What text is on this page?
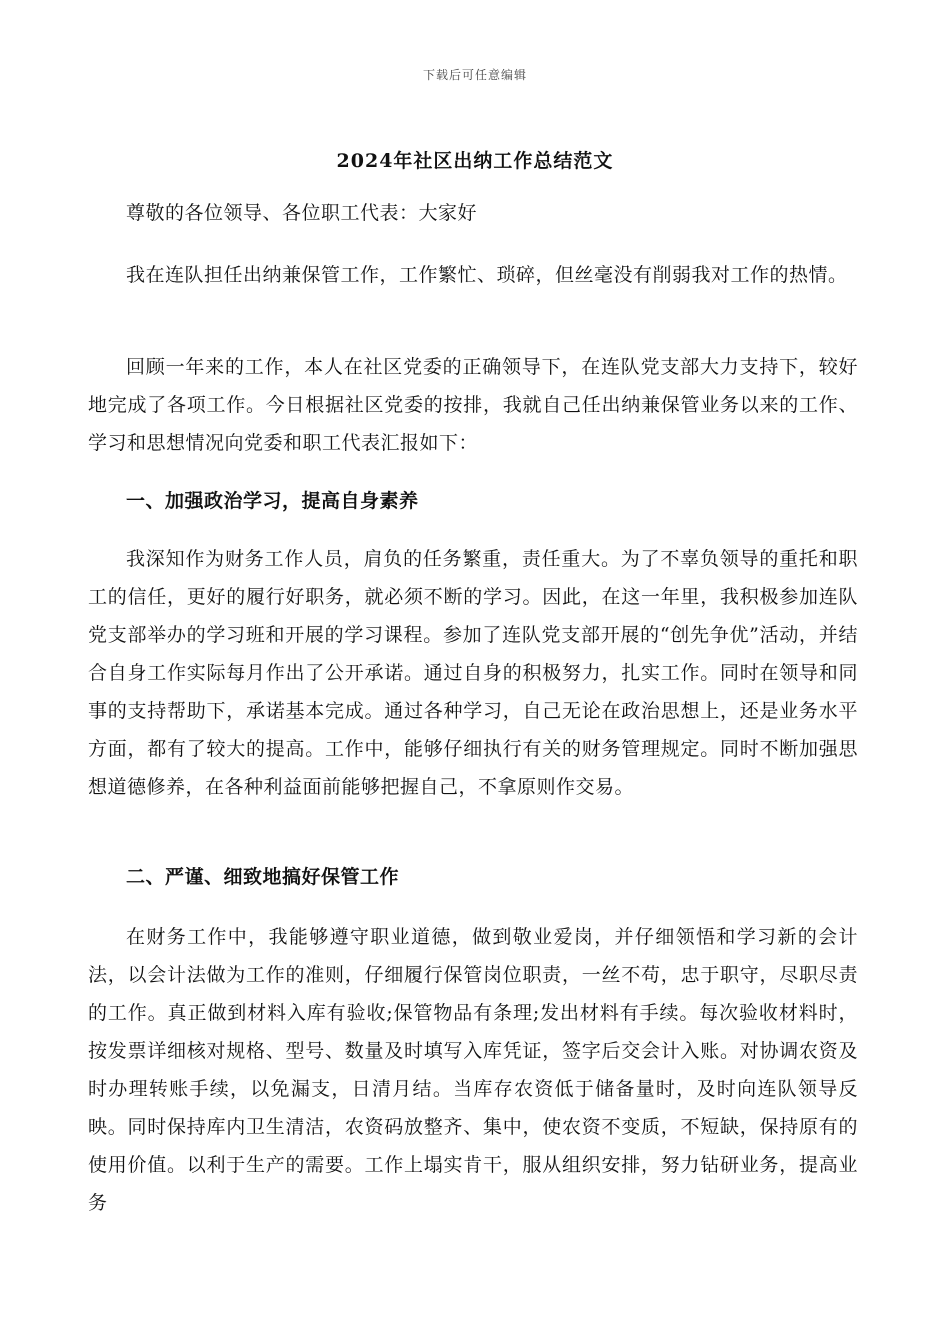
下载后可任意编辑
2024年社区出纳工作总结范文
尊敬的各位领导、各位职工代表：大家好
我在连队担任出纳兼保管工作，工作繁忙、琐碎，但丝毫没有削弱我对工作的热情。
回顾一年来的工作，本人在社区党委的正确领导下，在连队党支部大力支持下，较好地完成了各项工作。今日根据社区党委的按排，我就自己任出纳兼保管业务以来的工作、学习和思想情况向党委和职工代表汇报如下：
一、加强政治学习，提高自身素养
我深知作为财务工作人员，肩负的任务繁重，责任重大。为了不辜负领导的重托和职工的信任，更好的履行好职务，就必须不断的学习。因此，在这一年里，我积极参加连队党支部举办的学习班和开展的学习课程。参加了连队党支部开展的“创先争优”活动，并结合自身工作实际每月作出了公开承诺。通过自身的积极努力，扎实工作。同时在领导和同事的支持帮助下，承诺基本完成。通过各种学习，自己无论在政治思想上，还是业务水平方面，都有了较大的提高。工作中，能够仔细执行有关的财务管理规定。同时不断加强思想道德修养，在各种利益面前能够把握自己，不拿原则作交易。
二、严谨、细致地搞好保管工作
在财务工作中，我能够遵守职业道德，做到敬业爱岗，并仔细领悟和学习新的会计法，以会计法做为工作的准则，仔细履行保管岗位职责，一丝不苟，忠于职守，尽职尽责的工作。真正做到材料入库有验收;保管物品有条理;发出材料有手续。每次验收材料时，按发票详细核对规格、型号、数量及时填写入库凭证，签字后交会计入账。对协调农资及时办理转账手续，以免漏支，日清月结。当库存农资低于储备量时，及时向连队领导反映。同时保持库内卫生清洁，农资码放整齐、集中，使农资不变质，不短缺，保持原有的使用价值。以利于生产的需要。工作上塌实肯干，服从组织安排，努力钻研业务，提高业务
